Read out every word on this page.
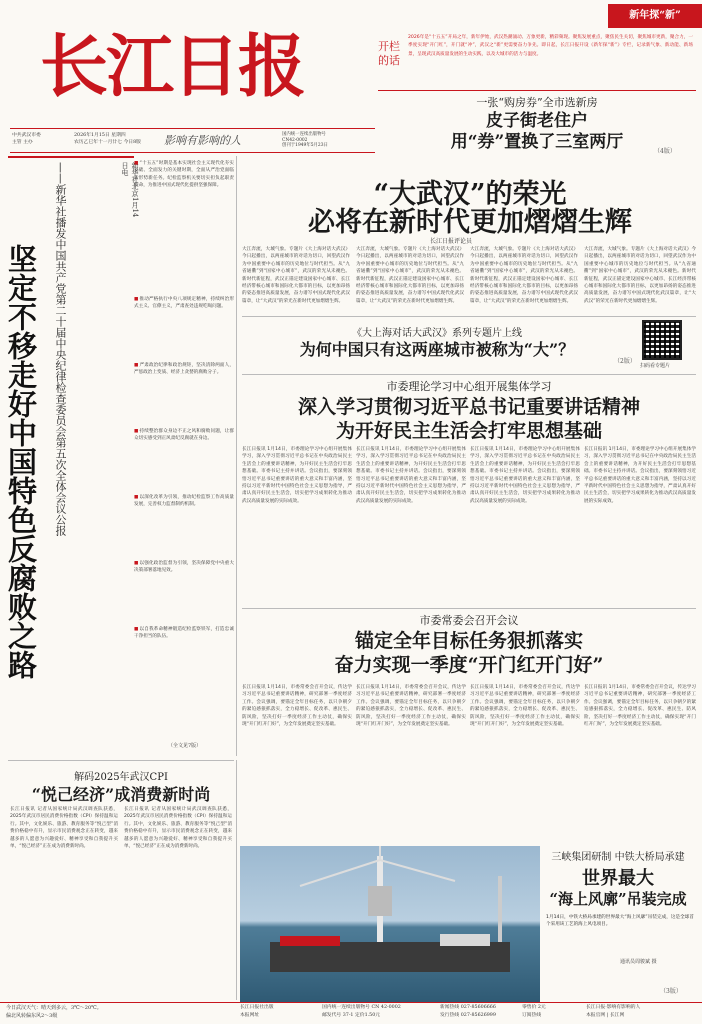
长江日报
新年探“新”
开栏的话
2026年是“十五五”开局之年，新年伊始，武汉热潮涌动、万象更新，精彩频现。聚焦发展重点，聚焦民生关切，聚焦城市更新，聚合力，一季度实现“开门红”，开门就“冲”，武汉之“新”更需要奋力争先。即日起，长江日报开设《新年探“新”》专栏，记录新气象、新动能、新场景，呈现武汉高质量发展的生动实践，以及大城市的活力与温度。
一张“购房券”全市选新房
皮子街老住户
用“券”置换了三室两厅	（4版）
中共武汉市委
主管 主办
2026年1月15日 星期四
农历乙巳年十一月廿七 今日8版	影响有影响的人	国内统一连续出版物号
CN42-0002
创刊于1949年5月23日
新华社北京1月14日电
——新华社播发中国共产党第二十届中央纪律检查委员会第五次全体会议公报
坚定不移走好中国特色反腐败之路
■ “十五五”时期是基本实现社会主义现代化夯实基础、全面发力的关键时期，全面从严治党面临新形势新任务。纪检监察机关要切实担负起职责使命，为推进中国式现代化提供坚强保障。
■ 推动严格执行中央八项规定精神，持续纠治形式主义、官僚主义，严肃查处违规吃喝问题。
■ 严肃政治纪律和政治规矩，坚决清除两面人，严惩政治上变质、经济上贪婪的腐败分子。
■ 持续整治群众身边不正之风和腐败问题，让群众切实感受到正风肃纪反腐就在身边。
■ 以深化改革为引领，推动纪检监察工作高质量发展，完善权力监督制约机制。
■ 以强化政治监督为引领，坚决保障党中央重大决策部署落地见效。
■ 以自我革命精神锻造纪检监察铁军，打造忠诚干净担当的队伍。
（全文见7版）
“大武汉”的荣光
必将在新时代更加熠熠生辉
长江日报评论员
大江奔流，大城气象。专题片《大上海对话大武汉》今日起播出，以两座城市的对话为切口，回望武汉作为中国重要中心城市的历史地位与时代担当。从“九省通衢”到“国家中心城市”，武汉的荣光从未褪色。新时代新征程，武汉正锚定建设国家中心城市、长江经济带核心城市和国际化大都市的目标，以更加昂扬的姿态推进高质量发展，奋力谱写中国式现代化武汉篇章，让“大武汉”的荣光在新时代更加熠熠生辉。
大江奔流，大城气象。专题片《大上海对话大武汉》今日起播出，以两座城市的对话为切口，回望武汉作为中国重要中心城市的历史地位与时代担当。从“九省通衢”到“国家中心城市”，武汉的荣光从未褪色。新时代新征程，武汉正锚定建设国家中心城市、长江经济带核心城市和国际化大都市的目标，以更加昂扬的姿态推进高质量发展，奋力谱写中国式现代化武汉篇章，让“大武汉”的荣光在新时代更加熠熠生辉。
大江奔流，大城气象。专题片《大上海对话大武汉》今日起播出，以两座城市的对话为切口，回望武汉作为中国重要中心城市的历史地位与时代担当。从“九省通衢”到“国家中心城市”，武汉的荣光从未褪色。新时代新征程，武汉正锚定建设国家中心城市、长江经济带核心城市和国际化大都市的目标，以更加昂扬的姿态推进高质量发展，奋力谱写中国式现代化武汉篇章，让“大武汉”的荣光在新时代更加熠熠生辉。
大江奔流，大城气象。专题片《大上海对话大武汉》今日起播出，以两座城市的对话为切口，回望武汉作为中国重要中心城市的历史地位与时代担当。从“九省通衢”到“国家中心城市”，武汉的荣光从未褪色。新时代新征程，武汉正锚定建设国家中心城市、长江经济带核心城市和国际化大都市的目标，以更加昂扬的姿态推进高质量发展，奋力谱写中国式现代化武汉篇章，让“大武汉”的荣光在新时代更加熠熠生辉。
《大上海对话大武汉》系列专题片上线
为何中国只有这两座城市被称为“大”？
（2版）
扫码看专题片
市委理论学习中心组开展集体学习
深入学习贯彻习近平总书记重要讲话精神
为开好民主生活会打牢思想基础
长江日报讯 1月14日，市委理论学习中心组开展集体学习，深入学习贯彻习近平总书记在中央政治局民主生活会上的重要讲话精神，为开好民主生活会打牢思想基础。市委书记主持并讲话。会议指出，要深刻领悟习近平总书记重要讲话的重大意义和丰富内涵，坚持以习近平新时代中国特色社会主义思想为指导，严肃认真开好民主生活会，切实把学习成果转化为推动武汉高质量发展的实际成效。
长江日报讯 1月14日，市委理论学习中心组开展集体学习，深入学习贯彻习近平总书记在中央政治局民主生活会上的重要讲话精神，为开好民主生活会打牢思想基础。市委书记主持并讲话。会议指出，要深刻领悟习近平总书记重要讲话的重大意义和丰富内涵，坚持以习近平新时代中国特色社会主义思想为指导，严肃认真开好民主生活会，切实把学习成果转化为推动武汉高质量发展的实际成效。
长江日报讯 1月14日，市委理论学习中心组开展集体学习，深入学习贯彻习近平总书记在中央政治局民主生活会上的重要讲话精神，为开好民主生活会打牢思想基础。市委书记主持并讲话。会议指出，要深刻领悟习近平总书记重要讲话的重大意义和丰富内涵，坚持以习近平新时代中国特色社会主义思想为指导，严肃认真开好民主生活会，切实把学习成果转化为推动武汉高质量发展的实际成效。
长江日报讯 1月14日，市委理论学习中心组开展集体学习，深入学习贯彻习近平总书记在中央政治局民主生活会上的重要讲话精神，为开好民主生活会打牢思想基础。市委书记主持并讲话。会议指出，要深刻领悟习近平总书记重要讲话的重大意义和丰富内涵，坚持以习近平新时代中国特色社会主义思想为指导，严肃认真开好民主生活会，切实把学习成果转化为推动武汉高质量发展的实际成效。
市委常委会召开会议
锚定全年目标任务狠抓落实
奋力实现一季度“开门红开门好”
长江日报讯 1月14日，市委常委会召开会议，传达学习习近平总书记重要讲话精神，研究部署一季度经济工作。会议强调，要锚定全年目标任务，以只争朝夕的紧迫感狠抓落实，全力稳增长、促改革、惠民生、防风险，坚决打好一季度经济工作主动仗，确保实现“开门红开门好”，为全年发展奠定坚实基础。
长江日报讯 1月14日，市委常委会召开会议，传达学习习近平总书记重要讲话精神，研究部署一季度经济工作。会议强调，要锚定全年目标任务，以只争朝夕的紧迫感狠抓落实，全力稳增长、促改革、惠民生、防风险，坚决打好一季度经济工作主动仗，确保实现“开门红开门好”，为全年发展奠定坚实基础。
长江日报讯 1月14日，市委常委会召开会议，传达学习习近平总书记重要讲话精神，研究部署一季度经济工作。会议强调，要锚定全年目标任务，以只争朝夕的紧迫感狠抓落实，全力稳增长、促改革、惠民生、防风险，坚决打好一季度经济工作主动仗，确保实现“开门红开门好”，为全年发展奠定坚实基础。
长江日报讯 1月14日，市委常委会召开会议，传达学习习近平总书记重要讲话精神，研究部署一季度经济工作。会议强调，要锚定全年目标任务，以只争朝夕的紧迫感狠抓落实，全力稳增长、促改革、惠民生、防风险，坚决打好一季度经济工作主动仗，确保实现“开门红开门好”，为全年发展奠定坚实基础。
解码2025年武汉CPI
“悦己经济”成消费新时尚
长江日报讯 记者从国家统计局武汉调查队获悉，2025年武汉市居民消费价格指数（CPI）保持温和运行。其中，文化娱乐、旅游、教育服务等“悦己型”消费价格稳中有升，显示市民消费观念正在转变，越来越多的人愿意为兴趣爱好、精神享受和自我提升买单，“悦己经济”正在成为消费新时尚。
长江日报讯 记者从国家统计局武汉调查队获悉，2025年武汉市居民消费价格指数（CPI）保持温和运行。其中，文化娱乐、旅游、教育服务等“悦己型”消费价格稳中有升，显示市民消费观念正在转变，越来越多的人愿意为兴趣爱好、精神享受和自我提升买单，“悦己经济”正在成为消费新时尚。
三峡集团研制 中铁大桥局承建
世界最大
“海上风廓”吊装完成
1月14日，中铁大桥局承建的世界最大“海上风廓”吊装完成，这是全球首个采用该工艺的海上风电项目。
通讯员周骏斌 摄
（3版）
今日武汉天气：晴天到多云，3℃～20℃。
偏北风转偏东风2～3级
长江日报社出版
本报网址
国内统一连续出版物号 CN 42-0002
邮发代号 37-1 定价1.50元
新闻热线 027-85606666
发行热线 027-85626999
零售价 2元
订阅热线
长江日报·影响有影响的人
本报官网 | 长江网
